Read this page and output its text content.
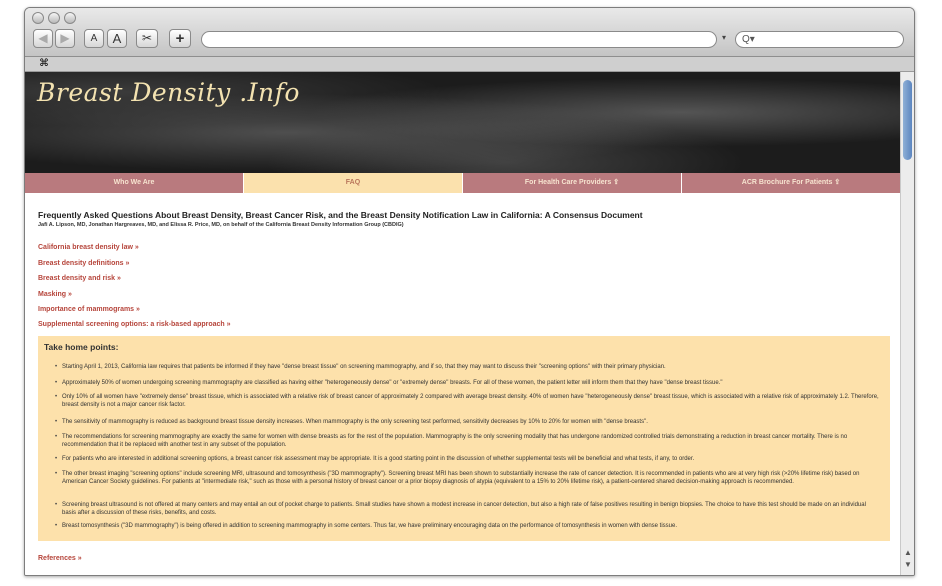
◀	▶	A	A	✂	+	▾	Q▾
⌘
Breast Density .Info
Who We Are	FAQ	For Health Care Providers ⇪	ACR Brochure For Patients ⇪
▲
▼
Frequently Asked Questions About Breast Density, Breast Cancer Risk, and the Breast Density Notification Law in California: A Consensus Document
Jafi A. Lipson, MD, Jonathan Hargreaves, MD, and Elissa R. Price, MD, on behalf of the California Breast Density Information Group (CBDIG)
California breast density law »
Breast density definitions »
Breast density and risk »
Masking »
Importance of mammograms »
Supplemental screening options: a risk-based approach »
Take home points:
• Starting April 1, 2013, California law requires that patients be informed if they have "dense breast tissue" on screening mammography, and if so, that they may want to discuss their "screening options" with their primary physician.
• Approximately 50% of women undergoing screening mammography are classified as having either "heterogeneously dense" or "extremely dense" breasts. For all of these women, the patient letter will inform them that they have "dense breast tissue."
• Only 10% of all women have "extremely dense" breast tissue, which is associated with a relative risk of breast cancer of approximately 2 compared with average breast density. 40% of women have "heterogeneously dense" breast tissue, which is associated with a relative risk of approximately 1.2. Therefore, breast density is not a major cancer risk factor.
• The sensitivity of mammography is reduced as background breast tissue density increases. When mammography is the only screening test performed, sensitivity decreases by 10% to 20% for women with "dense breasts".
• The recommendations for screening mammography are exactly the same for women with dense breasts as for the rest of the population. Mammography is the only screening modality that has undergone randomized controlled trials demonstrating a reduction in breast cancer mortality. There is no recommendation that it be replaced with another test in any subset of the population.
• For patients who are interested in additional screening options, a breast cancer risk assessment may be appropriate. It is a good starting point in the discussion of whether supplemental tests will be beneficial and what tests, if any, to order.
• The other breast imaging "screening options" include screening MRI, ultrasound and tomosynthesis ("3D mammography"). Screening breast MRI has been shown to substantially increase the rate of cancer detection. It is recommended in patients who are at very high risk (>20% lifetime risk) based on American Cancer Society guidelines. For patients at "intermediate risk," such as those with a personal history of breast cancer or a prior biopsy diagnosis of atypia (equivalent to a 15% to 20% lifetime risk), a patient-centered shared decision-making approach is recommended.
• Screening breast ultrasound is not offered at many centers and may entail an out of pocket charge to patients. Small studies have shown a modest increase in cancer detection, but also a high rate of false positives resulting in benign biopsies. The choice to have this test should be made on an individual basis after a discussion of these risks, benefits, and costs.
• Breast tomosynthesis ("3D mammography") is being offered in addition to screening mammography in some centers. Thus far, we have preliminary encouraging data on the performance of tomosynthesis in women with dense tissue.
References »
